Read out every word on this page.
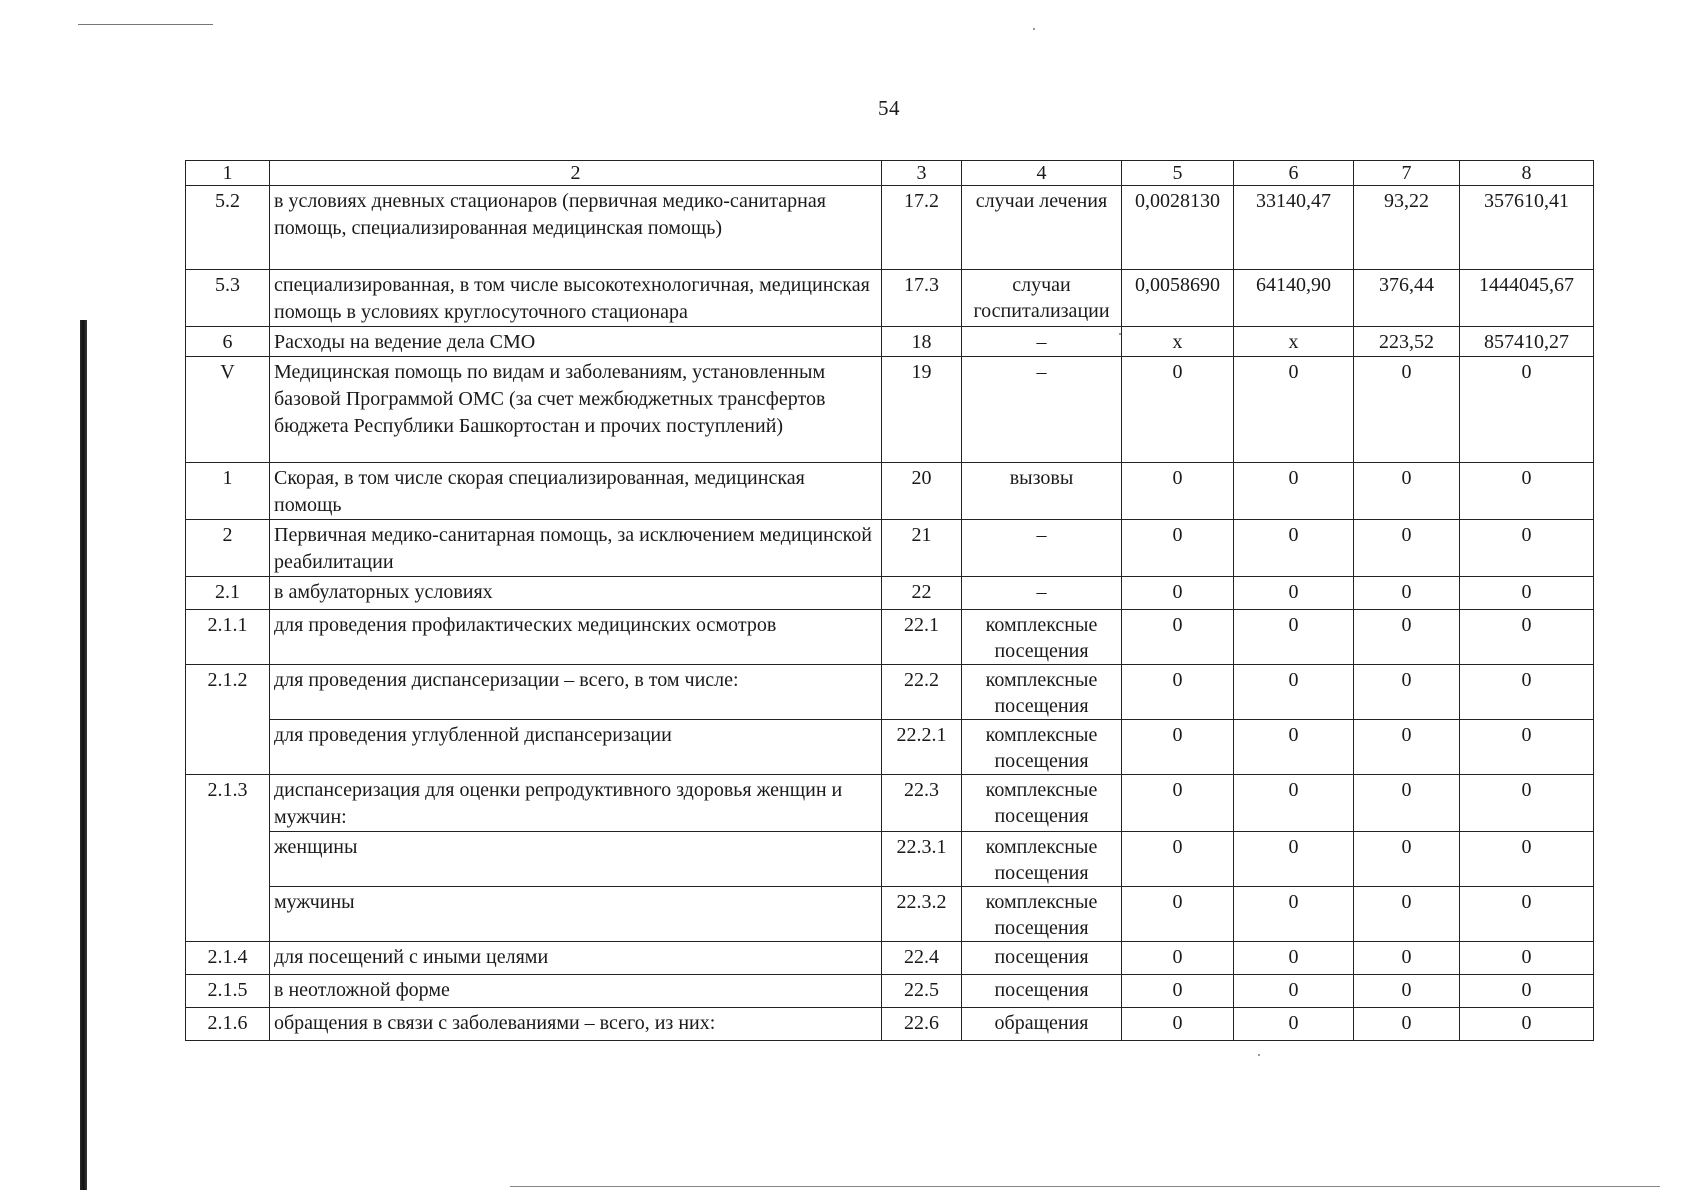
54
1	2	3	4	5	6	7	8
5.2	в условиях дневных стационаров (первичная медико-санитарная помощь, специализированная медицинская помощь)	17.2	случаи лечения	0,0028130	33140,47	93,22	357610,41
5.3	специализированная, в том числе высокотехнологичная, медицинская помощь в условиях круглосуточного стационара	17.3	случаи госпитализации	0,0058690	64140,90	376,44	1444045,67
6	Расходы на ведение дела СМО	18	–	х	х	223,52	857410,27
V	Медицинская помощь по видам и заболеваниям, установленным базовой Программой ОМС (за счет межбюджетных трансфертов бюджета Республики Башкортостан и прочих поступлений)	19	–	0	0	0	0
1	Скорая, в том числе скорая специализированная, медицинская помощь	20	вызовы	0	0	0	0
2	Первичная медико-санитарная помощь, за исключением медицинской реабилитации	21	–	0	0	0	0
2.1	в амбулаторных условиях	22	–	0	0	0	0
2.1.1	для проведения профилактических медицинских осмотров	22.1	комплексные посещения	0	0	0	0
2.1.2	для проведения диспансеризации – всего, в том числе:	22.2	комплексные посещения	0	0	0	0
	для проведения углубленной диспансеризации	22.2.1	комплексные посещения	0	0	0	0
2.1.3	диспансеризация для оценки репродуктивного здоровья женщин и мужчин:	22.3	комплексные посещения	0	0	0	0
	женщины	22.3.1	комплексные посещения	0	0	0	0
	мужчины	22.3.2	комплексные посещения	0	0	0	0
2.1.4	для посещений с иными целями	22.4	посещения	0	0	0	0
2.1.5	в неотложной форме	22.5	посещения	0	0	0	0
2.1.6	обращения в связи с заболеваниями – всего, из них:	22.6	обращения	0	0	0	0
